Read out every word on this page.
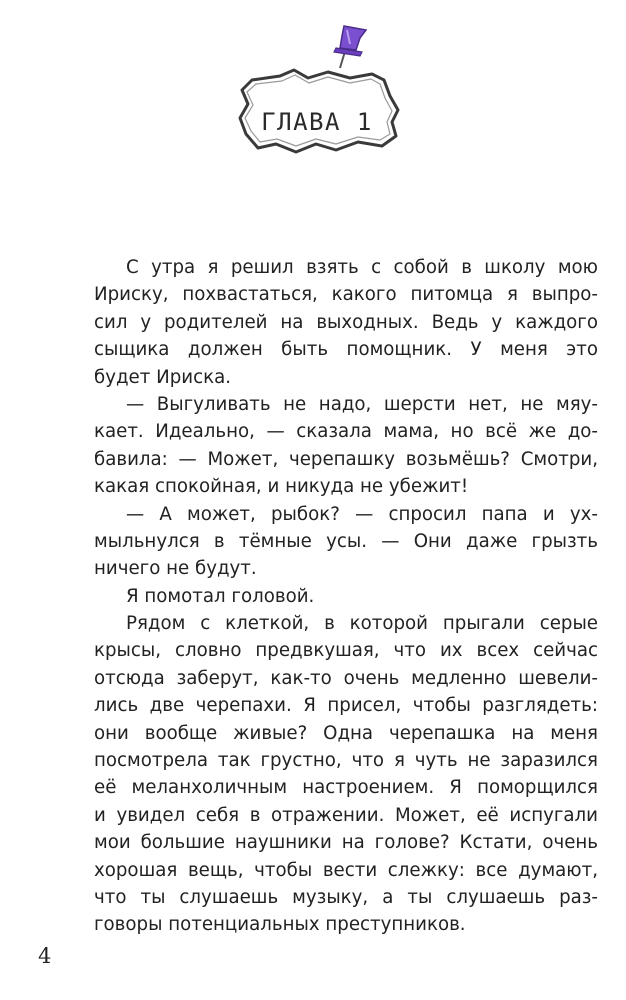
ГЛАВА 1
С утра я решил взять с собой в школу мою
Ириску, похвастаться, какого питомца я выпро-
сил у родителей на выходных. Ведь у каждого
сыщика должен быть помощник. У меня это
будет Ириска.
— Выгуливать не надо, шерсти нет, не мяу-
кает. Идеально, — сказала мама, но всё же до-
бавила: — Может, черепашку возьмёшь? Смотри,
какая спокойная, и никуда не убежит!
— А может, рыбок? — спросил папа и ух-
мыльнулся в тёмные усы. — Они даже грызть
ничего не будут.
Я помотал головой.
Рядом с клеткой, в которой прыгали серые
крысы, словно предвкушая, что их всех сейчас
отсюда заберут, как-то очень медленно шевели-
лись две черепахи. Я присел, чтобы разглядеть:
они вообще живые? Одна черепашка на меня
посмотрела так грустно, что я чуть не заразился
её меланхоличным настроением. Я поморщился
и увидел себя в отражении. Может, её испугали
мои большие наушники на голове? Кстати, очень
хорошая вещь, чтобы вести слежку: все думают,
что ты слушаешь музыку, а ты слушаешь раз-
говоры потенциальных преступников.
4
